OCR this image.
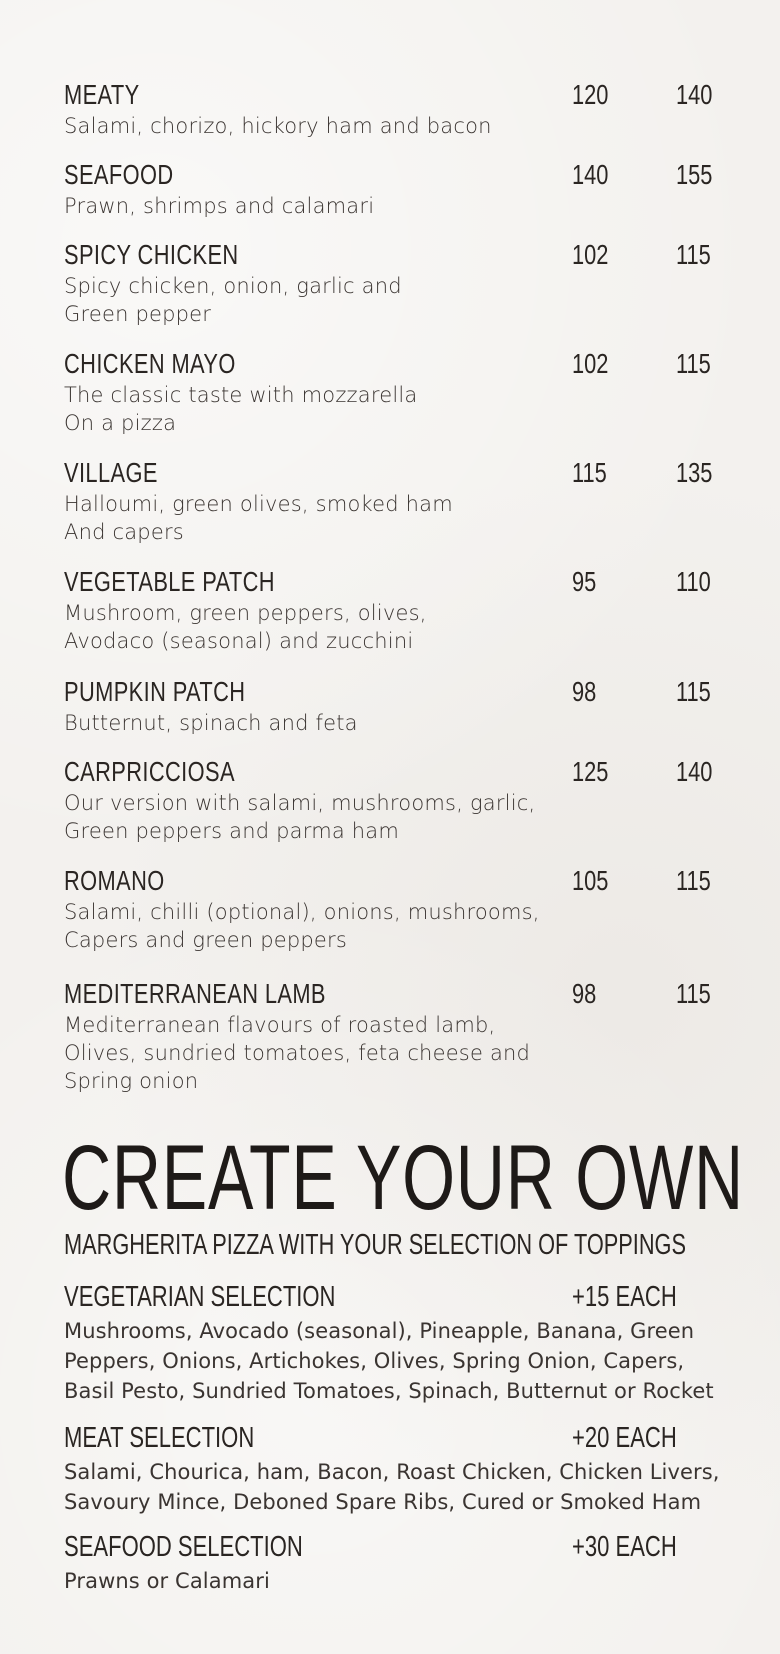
MEATY
Salami, chorizo, hickory ham and bacon
120 140
SEAFOOD
Prawn, shrimps and calamari
140 155
SPICY CHICKEN
Spicy chicken, onion, garlic and
Green pepper
102 115
CHICKEN MAYO
The classic taste with mozzarella
On a pizza
102 115
VILLAGE
Halloumi, green olives, smoked ham
And capers
115 135
VEGETABLE PATCH
Mushroom, green peppers, olives,
Avodaco (seasonal) and zucchini
95	110
PUMPKIN PATCH
Butternut, spinach and feta
98	115
CARPRICCIOSA
Our version with salami, mushrooms, garlic,
Green peppers and parma ham
125 140
ROMANO
Salami, chilli (optional), onions, mushrooms,
Capers and green peppers
105 115
MEDITERRANEAN LAMB
Mediterranean flavours of roasted lamb,
Olives, sundried tomatoes, feta cheese and
Spring onion
98	115
CREATE YOUR OWN
MARGHERITA PIZZA WITH YOUR SELECTION OF TOPPINGS
VEGETARIAN SELECTION	+15 EACH
Mushrooms, Avocado (seasonal), Pineapple, Banana, Green
Peppers, Onions, Artichokes, Olives, Spring Onion, Capers,
Basil Pesto, Sundried Tomatoes, Spinach, Butternut or Rocket
MEAT SELECTION	+20 EACH
Salami, Chourica, ham, Bacon, Roast Chicken, Chicken Livers,
Savoury Mince, Deboned Spare Ribs, Cured or Smoked Ham
SEAFOOD SELECTION	+30 EACH
Prawns or Calamari
